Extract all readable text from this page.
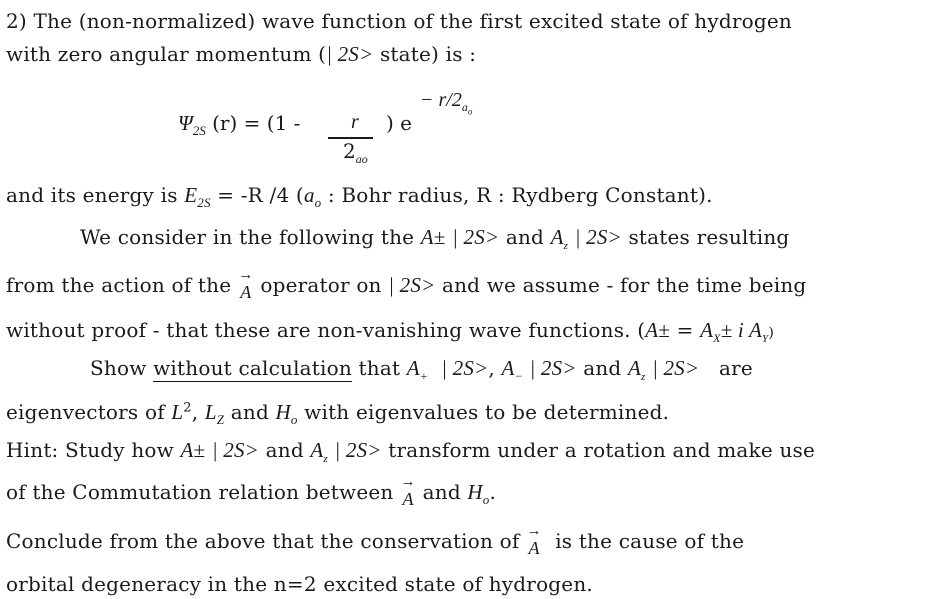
2) The (non-normalized) wave function of the first excited state of hydrogen
with zero angular momentum (| 2S> state) is :
$\Psi_{2S}$ (r) = (1 -	r
$2_{ao}$
) e
− $r/2_{a_o}$
and its energy is $E_{2S} = -R$ /4 ($a_o$ : Bohr radius, R : Rydberg Constant).
We consider in the following the A± | 2S> and $A_z$ | 2S> states resulting
from the action of the →
A operator on | 2S> and we assume - for the time being
without proof - that these are non-vanishing wave functions. ($A\pm = A_X\pm i$ $A_Y$)
Show without calculation that $A_+$ | 2S>, $A_-$ | 2S> and $A_z$ | 2S> are
eigenvectors of $L^2$, $L_Z$ and $H_o$ with eigenvalues to be determined.
Hint: Study how A± | 2S> and $A_z$ | 2S> transform under a rotation and make use
of the Commutation relation between →
A and $H_o$.
Conclude from the above that the conservation of →
A is the cause of the
orbital degeneracy in the n=2 excited state of hydrogen.
